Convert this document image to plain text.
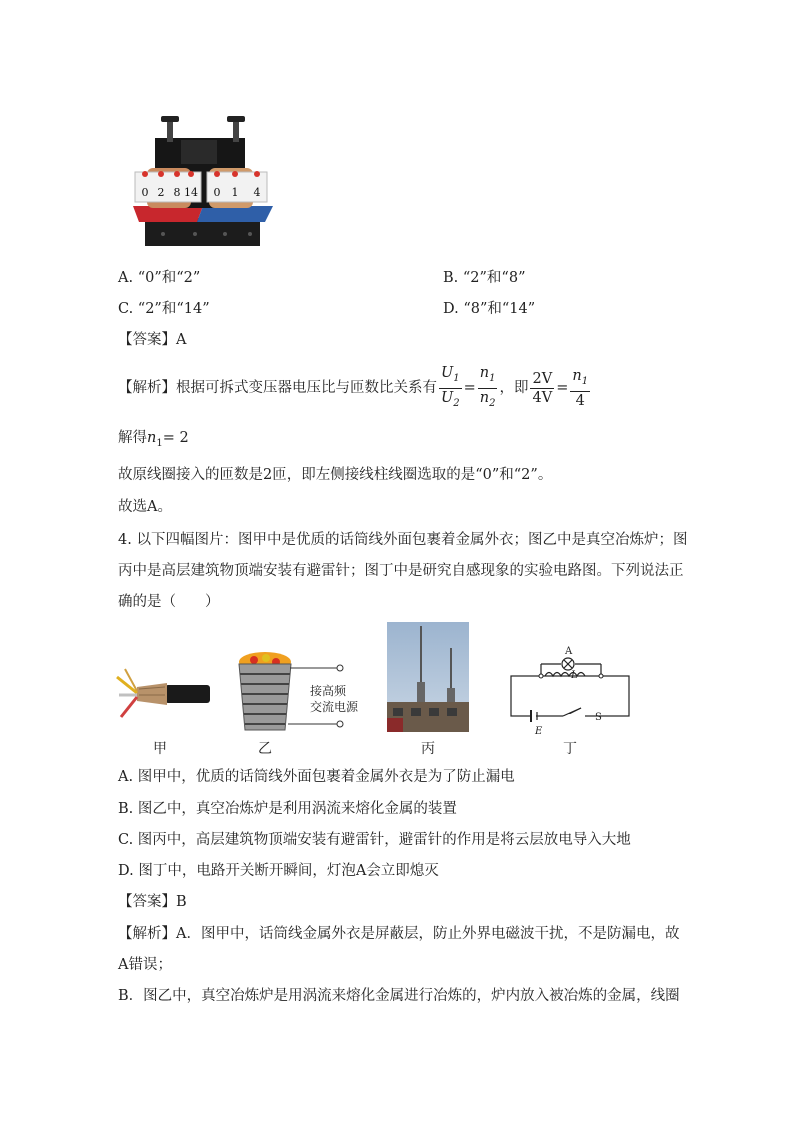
0 2 8 14 0 1 4
A. “0”和“2”	B. “2”和“8”
C. “2”和“14”	D. “8”和“14”
【答案】A
【解析】根据可拆式变压器电压比与匝数比关系有 $\frac{U_1}{U_2} = \frac{n_1}{n_2}$ ，即 $\frac{2V}{4V} = \frac{n_1}{4}$
解得$n_1= 2$
故原线圈接入的匝数是2匝，即左侧接线柱线圈选取的是“0”和“2”。
故选A。
4. 以下四幅图片：图甲中是优质的话筒线外面包裹着金属外衣；图乙中是真空冶炼炉；图
丙中是高层建筑物顶端安装有避雷针；图丁中是研究自感现象的实验电路图。下列说法正
确的是（　　）
甲
接高频
交流电源
乙	丙
A
L
E
S
丁
A. 图甲中，优质的话筒线外面包裹着金属外衣是为了防止漏电
B. 图乙中，真空冶炼炉是利用涡流来熔化金属的装置
C. 图丙中，高层建筑物顶端安装有避雷针，避雷针的作用是将云层放电导入大地
D. 图丁中，电路开关断开瞬间，灯泡A会立即熄灭
【答案】B
【解析】A．图甲中，话筒线金属外衣是屏蔽层，防止外界电磁波干扰，不是防漏电，故
A错误；
B．图乙中，真空冶炼炉是用涡流来熔化金属进行冶炼的，炉内放入被冶炼的金属，线圈
